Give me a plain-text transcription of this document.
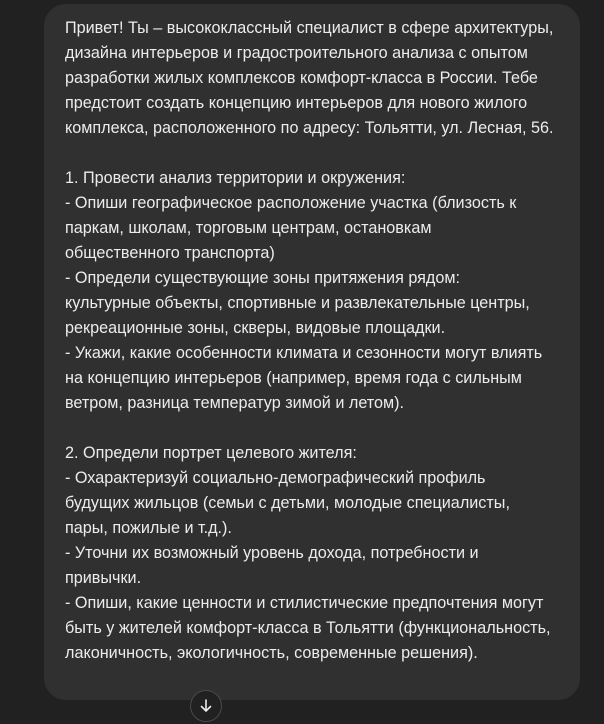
Привет! Ты – высококлассный специалист в сфере архитектуры,
дизайна интерьеров и градостроительного анализа с опытом
разработки жилых комплексов комфорт-класса в России. Тебе
предстоит создать концепцию интерьеров для нового жилого
комплекса, расположенного по адресу: Тольятти, ул. Лесная, 56.
1. Провести анализ территории и окружения:
- Опиши географическое расположение участка (близость к
паркам, школам, торговым центрам, остановкам
общественного транспорта)
- Определи существующие зоны притяжения рядом:
культурные объекты, спортивные и развлекательные центры,
рекреационные зоны, скверы, видовые площадки.
- Укажи, какие особенности климата и сезонности могут влиять
на концепцию интерьеров (например, время года с сильным
ветром, разница температур зимой и летом).
2. Определи портрет целевого жителя:
- Охарактеризуй социально-демографический профиль
будущих жильцов (семьи с детьми, молодые специалисты,
пары, пожилые и т.д.).
- Уточни их возможный уровень дохода, потребности и
привычки.
- Опиши, какие ценности и стилистические предпочтения могут
быть у жителей комфорт-класса в Тольятти (функциональность,
лаконичность, экологичность, современные решения).
